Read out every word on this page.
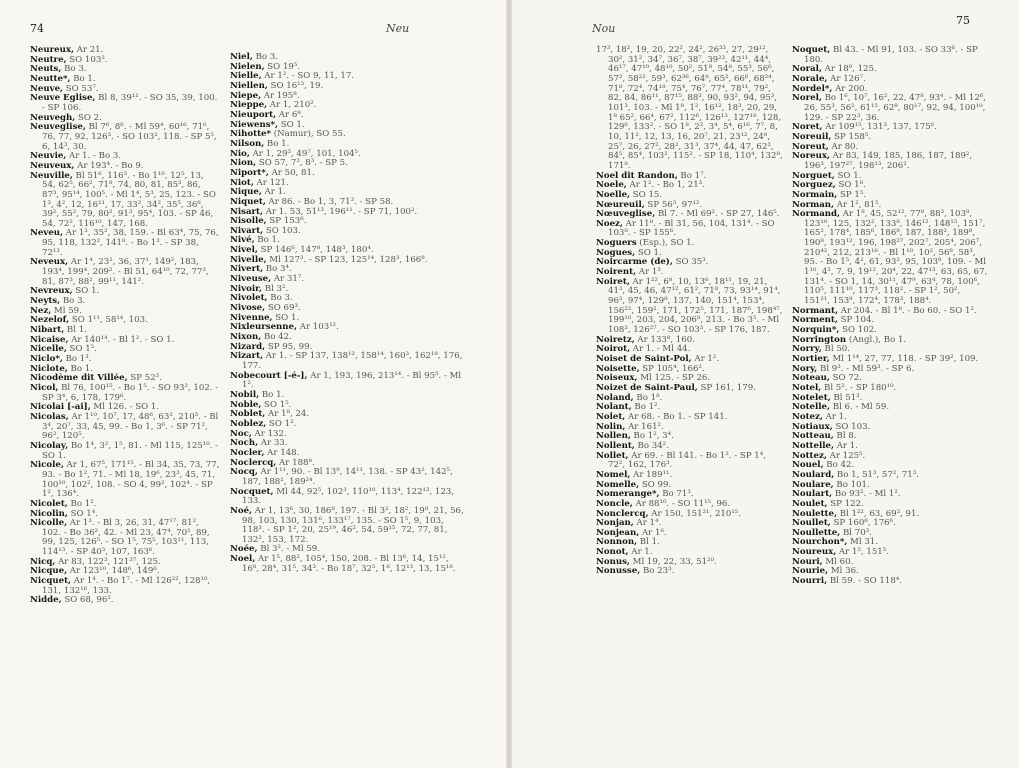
74	Neu

Neureux, Ar 21.

Neutre, SO 103².

Neuts, Bo 3.

Neutte*, Bo 1.

Neuve, SO 53⁷.

Neuve Eglise, Bl 8, 39¹¹. - SO 35, 39, 100. - SP 106.

Neuvegh, SO 2.

Neuveglise, Bl 7⁶, 8⁶. - Ml 59⁴, 60¹⁶, 71⁶, 76, 77, 92, 126³. - SO 103², 118. - SP 5⁵, 6, 14³, 30.

Neuvie, Ar 1. - Bo 3.

Neuveux, Ar 193⁴. - Bo 9.

Neuville, Bl 51⁶, 116³. - Bo 1¹⁰, 12⁵, 13, 54, 62⁵, 66², 71⁸, 74, 80, 81, 85³, 86, 87³, 95¹⁴, 100⁵. - Ml 1⁴, 5³, 25, 123. - SO 1³, 4², 12, 16¹¹, 17, 33², 34², 35⁵, 36⁸, 39², 55², 79, 80², 91³, 95⁴, 103. - SP 46, 54, 72², 116¹⁰, 147, 168.

Neveu, Ar 1³, 35², 38, 159. - Bl 63⁴, 75, 76, 95, 118, 132², 141⁸. - Bo 1³. - SP 38, 72¹³.

Neveux, Ar 1⁴, 23², 36, 37¹, 149², 183, 193⁴, 199⁴, 209². - Bl 51, 64¹⁰, 72, 77³, 81, 87³, 88², 99¹¹, 141².

Nevreux, SO 1.

Neyts, Bo 3.

Nez, Ml 59.

Nezelof, SO 1¹¹, 58¹⁴, 103.

Nibart, Bl 1.

Nicaise, Ar 140¹⁴. - Bl 1². - SO 1.

Nicelle, SO 1⁵.

Niclo*, Bo 1³.

Niclote, Bo 1.

Nicodème dit Villée, SP 52³.

Nicol, Bl 76, 100¹⁵. - Bo 1⁵. - SO 93², 102. - SP 3⁴, 6, 178, 179⁶.

Nicolai [-ai], Ml 126. - SO 1.

Nicolas, Ar 1¹⁰, 10⁷, 17, 48⁶, 63², 210³. - Bl 3⁴, 20⁷, 33, 45, 99. - Bo 1, 3⁶. - SP 71², 96³, 120⁵.

Nicolay, Bo 1⁴, 3², 1⁵, 81. - Ml 115, 125¹⁰. - SO 1.

Nicole, Ar 1, 67⁵, 171¹⁵. - Bl 34, 35, 73, 77, 93. - Bo 1², 71. - Ml 18, 19⁶, 23³, 45, 71, 100¹⁰, 102², 108. - SO 4, 99², 102⁴. - SP 1², 136⁴.

Nicolet, Bo 1².

Nicolin, SO 1⁴.

Nicolle, Ar 1³. - Bl 3, 26, 31, 47¹⁷, 81², 102. - Bo 36², 42. - Ml 23, 47⁴, 70², 89, 99, 125, 126⁵. - SO 1⁵, 75⁵, 103¹¹, 113, 114¹³. - SP 40³, 107, 163⁶.

Nicq, Ar 83, 122³, 121³⁷, 125.

Nicque, Ar 123¹⁰, 148⁶, 149⁶.

Nicquet, Ar 1⁴. - Bo 1⁷. - Ml 126²², 128¹⁰, 131, 132¹⁶, 133.

Nidde, SO 68, 96³.

Niel, Bo 3.

Nielen, SO 19⁵.

Nielle, Ar 1². - SO 9, 11, 17.

Niellen, SO 16¹³, 19.

Niepe, Ar 195⁸.

Nieppe, Ar 1, 210².

Nieuport, Ar 6⁸.

Niewens*, SO 1.

Nihotte* (Namur), SO 55.

Nilson, Bo 1.

Nio, Ar 1, 29³, 49⁷, 101, 104⁵.

Nion, SO 57, 7³, 8³. - SP 5.

Niport*, Ar 50, 81.

Niot, Ar 121.

Nique, Ar 1.

Niquet, Ar 86. - Bo 1, 3, 71³. - SP 58.

Nisart, Ar 1. 53, 51¹³, 196¹¹. - SP 71, 100².

Nisolle, SP 153⁶.

Nivart, SO 103.

Nivé, Bo 1.

Nivel, SP 146⁶, 147⁸, 148³, 180⁴.

Nivelle, Ml 127³. - SP 123, 125¹⁴, 128³, 166⁸.

Nivert, Bo 3⁴.

Niveuse, Ar 31⁷.

Nivoir, Bl 3².

Nivolet, Bo 3.

Nivose, SO 69³.

Nivenne, SO 1.

Nixleursenne, Ar 103¹².

Nixon, Bo 42.

Nizard, SP 95, 99.

Nizart, Ar 1. - SP 137, 138¹², 158¹⁴, 160³, 162¹⁸, 176, 177.

Nobecourt [-é-], Ar 1, 193, 196, 213¹⁴. - Bl 95⁵. - Ml 1².

Nobil, Bo 1.

Noble, SO 1⁵.

Noblet, Ar 1⁸, 24.

Noblez, SO 1².

Noc, Ar 132.

Noch, Ar 33.

Nocler, Ar 148.

Noclercq, Ar 188⁸.

Nocq, Ar 1¹¹, 90. - Bl 13⁹, 14¹¹, 138. - SP 43², 142⁵, 187, 188², 189²⁴.

Nocquet, Ml 44, 92⁵, 102³, 110¹⁰, 113⁴, 122¹³, 123, 133.

Noé, Ar 1, 13⁶, 30, 186⁸, 197. - Bl 3², 18², 19⁸, 21, 56, 98, 103, 130, 131⁶, 133¹⁷, 135. - SO 1⁵, 9, 103, 118³. - SP 1², 20, 25¹⁹, 46², 54, 59¹⁵, 72, 77, 81, 132², 153, 172.

Noée, Bl 3². - Ml 59.

Noel, Ar 1⁵, 88², 105⁴, 150, 208. - Bl 13⁶, 14, 15¹², 16⁸, 28⁴, 31⁵, 34³. - Bo 18⁷, 32⁵, 1⁸, 12¹³, 13, 15¹⁸.

Nou
75

17³, 18², 19, 20, 22², 24², 26³³, 27, 29¹², 30², 31², 34⁷, 36⁷, 38⁷, 39²³, 42¹¹, 44⁴, 46¹⁷, 47¹⁰, 48¹⁰, 50², 51⁸, 54⁸, 55³, 56⁶, 57², 58²², 59³, 62³⁶, 64⁸, 65², 66⁶, 68²⁴, 71⁸, 72⁴, 74¹⁸, 75⁴, 76⁷, 77⁴, 78¹¹, 79², 82, 84, 86¹¹, 87¹⁵, 88³, 90, 93², 94, 95³, 101³, 103. - Ml 1⁸, 1², 16¹², 18³, 20, 29, 1⁸ 65², 66⁴, 67², 112⁶, 126¹³, 127¹⁸, 128, 129⁶, 133². - SO 1⁸, 2², 3⁴, 5⁴, 6¹⁶, 7⁷, 8, 10, 11², 12, 13, 16, 20⁷, 21, 23¹², 24⁸, 25⁷, 26, 27², 28², 31³, 37⁴, 44, 47, 62³, 84⁵, 85⁴, 103², 115². - SP 18, 110⁴, 132⁸, 171⁸.

Noel dit Randon, Bo 1⁷.

Noele, Ar 1². - Bo 1, 21³.

Noelle, SO 15.

Nœureuil, SP 56³, 97¹².

Nœuveglise, Bl 7. - Ml 69². - SP 27, 146⁵.

Noez, Ar 11⁸. - Bl 31, 56, 104, 131⁴. - SO 103⁸. - SP 155⁶.

Noguers (Esp.), SO 1.

Nogues, SO 1.

Noircarme (de), SO 35³.

Noirent, Ar 1³.

Noiret, Ar 1²², 6⁸, 10, 13⁶, 18¹¹, 19, 21, 41³, 45, 46, 47¹², 61², 71⁸, 73, 93¹⁴, 91⁴, 96³, 97⁴, 129⁸, 137, 140, 151⁴, 153⁴, 156²², 159², 171, 172⁵, 171, 187⁶, 198⁴⁷, 199¹⁰, 203, 204, 206⁸, 213. - Bo 3⁵. - Ml 108³, 126²⁷. - SO 103³. - SP 176, 187.

Noiretz, Ar 133⁸, 160.

Noirot, Ar 1. - Ml 44.

Noiset de Saint-Pol, Ar 1².

Noisette, SP 105⁴, 166².

Noiseux, Ml 125. - SP 26.

Noizet de Saint-Paul, SP 161, 179.

Noland, Bo 1⁸.

Nolant, Bo 1².

Nolet, Ar 68. - Bo 1. - SP 141.

Nolin, Ar 161².

Nollen, Bo 1², 3⁴.

Nollent, Bo 34².

Nollet, Ar 69. - Bl 141. - Bo 1². - SP 1⁴, 72², 162, 176³.

Nomel, Ar 189¹¹.

Nomelle, SO 99.

Nomerange*, Bo 71³.

Noncle, Ar 88¹⁰. - SO 11¹⁵, 96.

Nonclercq, Ar 150, 151²¹, 210¹⁵.

Nonjan, Ar 1⁴.

Nonjean, Ar 1⁶.

Nonnon, Bl 1.

Nonot, Ar 1.

Nonus, Ml 19, 22, 33, 51²⁰.

Nonusse, Bo 23³.

Noquet, Bl 43. - Ml 91, 103. - SO 33⁶. - SP 180.

Noral, Ar 18⁹, 125.

Norale, Ar 126⁷.

Nordel*, Ar 200.

Norel, Bo 1⁶, 10⁷, 16², 22, 47⁸, 93⁴. - Ml 12⁶, 26, 55³, 56², 61¹⁵, 62⁸, 80¹⁷, 92, 94, 100¹⁰, 129. - SP 22³, 36.

Noret, Ar 109¹⁵, 131³, 137, 175⁶.

Noreuil, SP 158⁵.

Noreut, Ar 80.

Noreux, Ar 83, 149, 185, 186, 187, 189², 196³, 197²⁷, 198¹³, 206².

Norguet, SO 1.

Norguez, SO 1⁸.

Normain, SP 1⁵.

Norman, Ar 1², 81⁵.

Normand, Ar 1⁸, 45, 52¹², 77⁸, 88³, 103⁸, 123¹⁰, 125, 132², 133⁸, 146¹², 148¹⁵, 151⁷, 165², 178⁴, 185⁶, 186⁸, 187, 188², 189⁸, 190⁸, 193¹², 196, 198²⁷, 202⁷, 205⁴, 206⁷, 210⁴², 212, 213¹⁶. - Bl 1¹⁰, 10², 56⁸, 58³, 95. - Bo 1⁵, 4², 61, 93², 95, 103⁸, 109. - Ml 1¹⁰, 4³, 7, 9, 19¹², 20⁴, 22, 47¹³, 63, 65, 67, 131⁴. - SO 1, 14, 30¹¹, 47⁹, 63⁴, 78, 100⁶, 110⁵, 111¹⁰, 117³, 118². - SP 1², 50², 151²¹, 153⁸, 172⁴, 178³, 188⁴.

Normant, Ar 204. - Bl 1⁸. - Bo 60. - SO 1².

Norment, SP 104.

Norquin*, SO 102.

Norrington (Angl.), Bo 1.

Norry, Bl 50.

Nortier, Ml 1¹⁴, 27, 77, 118. - SP 39², 109.

Nory, Bl 9³. - Ml 59³. - SP 6.

Noteau, SO 72.

Notel, Bl 5². - SP 180¹⁰.

Notelet, Bl 51³.

Notelle, Bl 6. - Ml 59.

Notez, Ar 1.

Notiaux, SO 103.

Notteau, Bl 8.

Nottelle, Ar 1.

Nottez, Ar 125⁵.

Nouel, Bo 42.

Noulard, Bo 1, 51³, 57², 71³.

Noulare, Bo 101.

Noulart, Bo 93². - Ml 1².

Noulet, SP 122.

Noulette, Bl 1²², 63, 69³, 91.

Noullet, SP 160⁶, 176⁶.

Noullette, Bl 70³.

Nourchon*, Ml 31.

Noureux, Ar 1⁵, 151⁵.

Nouri, Ml 60.

Nourie, Ml 36.

Nourri, Bl 59. - SO 118⁴.
